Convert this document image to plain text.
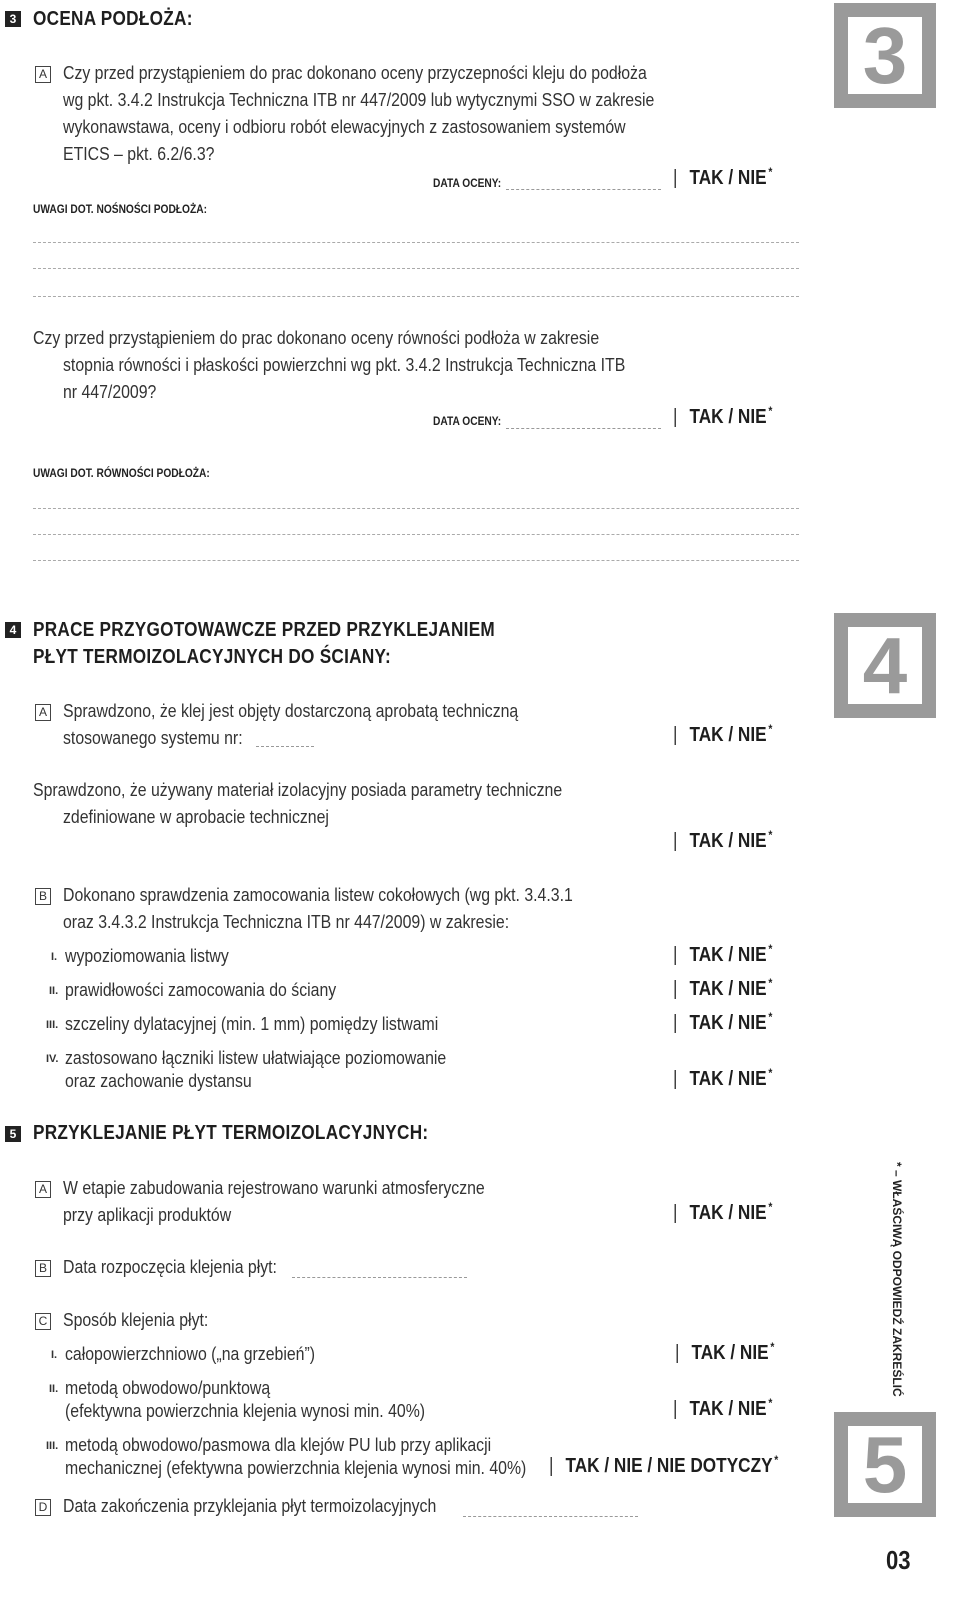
3 OCENA PODŁOŻA:	3
A Czy przed przystąpieniem do prac dokonano oceny przyczepności kleju do podłoża
wg pkt. 3.4.2 Instrukcja Techniczna ITB nr 447/2009 lub wytycznymi SSO w zakresie
wykonawstawa, oceny i odbioru robót elewacyjnych z zastosowaniem systemów
ETICS – pkt. 6.2/6.3?
DATA OCENY:	| TAK / NIE *
UWAGI DOT. NOŚNOŚCI PODŁOŻA:
Czy przed przystąpieniem do prac dokonano oceny równości podłoża w zakresie
stopnia równości i płaskości powierzchni wg pkt. 3.4.2 Instrukcja Techniczna ITB
nr 447/2009?
DATA OCENY:	| TAK / NIE *
UWAGI DOT. RÓWNOŚCI PODŁOŻA:
4 PRACE PRZYGOTOWAWCZE PRZED PRZYKLEJANIEM
PŁYT TERMOIZOLACYJNYCH DO ŚCIANY:	4
A Sprawdzono, że klej jest objęty dostarczoną aprobatą techniczną
stosowanego systemu nr:	| TAK / NIE *
Sprawdzono, że używany materiał izolacyjny posiada parametry techniczne
zdefiniowane w aprobacie technicznej
| TAK / NIE *
B Dokonano sprawdzenia zamocowania listew cokołowych (wg pkt. 3.4.3.1
oraz 3.4.3.2 Instrukcja Techniczna ITB nr 447/2009) w zakresie:
I. wypoziomowania listwy	| TAK / NIE *
II. prawidłowości zamocowania do ściany	| TAK / NIE *
III. szczeliny dylatacyjnej (min. 1 mm) pomiędzy listwami	| TAK / NIE *
IV. zastosowano łączniki listew ułatwiające poziomowanie
oraz zachowanie dystansu	| TAK / NIE *
5 PRZYKLEJANIE PŁYT TERMOIZOLACYJNYCH:
A W etapie zabudowania rejestrowano warunki atmosferyczne
przy aplikacji produktów	| TAK / NIE *
B Data rozpoczęcia klejenia płyt:
C Sposób klejenia płyt:
I. całopowierzchniowo („na grzebień”)	| TAK / NIE *
II. metodą obwodowo/punktową
(efektywna powierzchnia klejenia wynosi min. 40%)	| TAK / NIE *
III. metodą obwodowo/pasmowa dla klejów PU lub przy aplikacji
mechanicznej (efektywna powierzchnia klejenia wynosi min. 40%) | TAK / NIE / NIE DOTYCZY *
D Data zakończenia przyklejania płyt termoizolacyjnych
* – WŁAŚCIWĄ ODPOWIEDŹ ZAKREŚLIĆ
5
03
